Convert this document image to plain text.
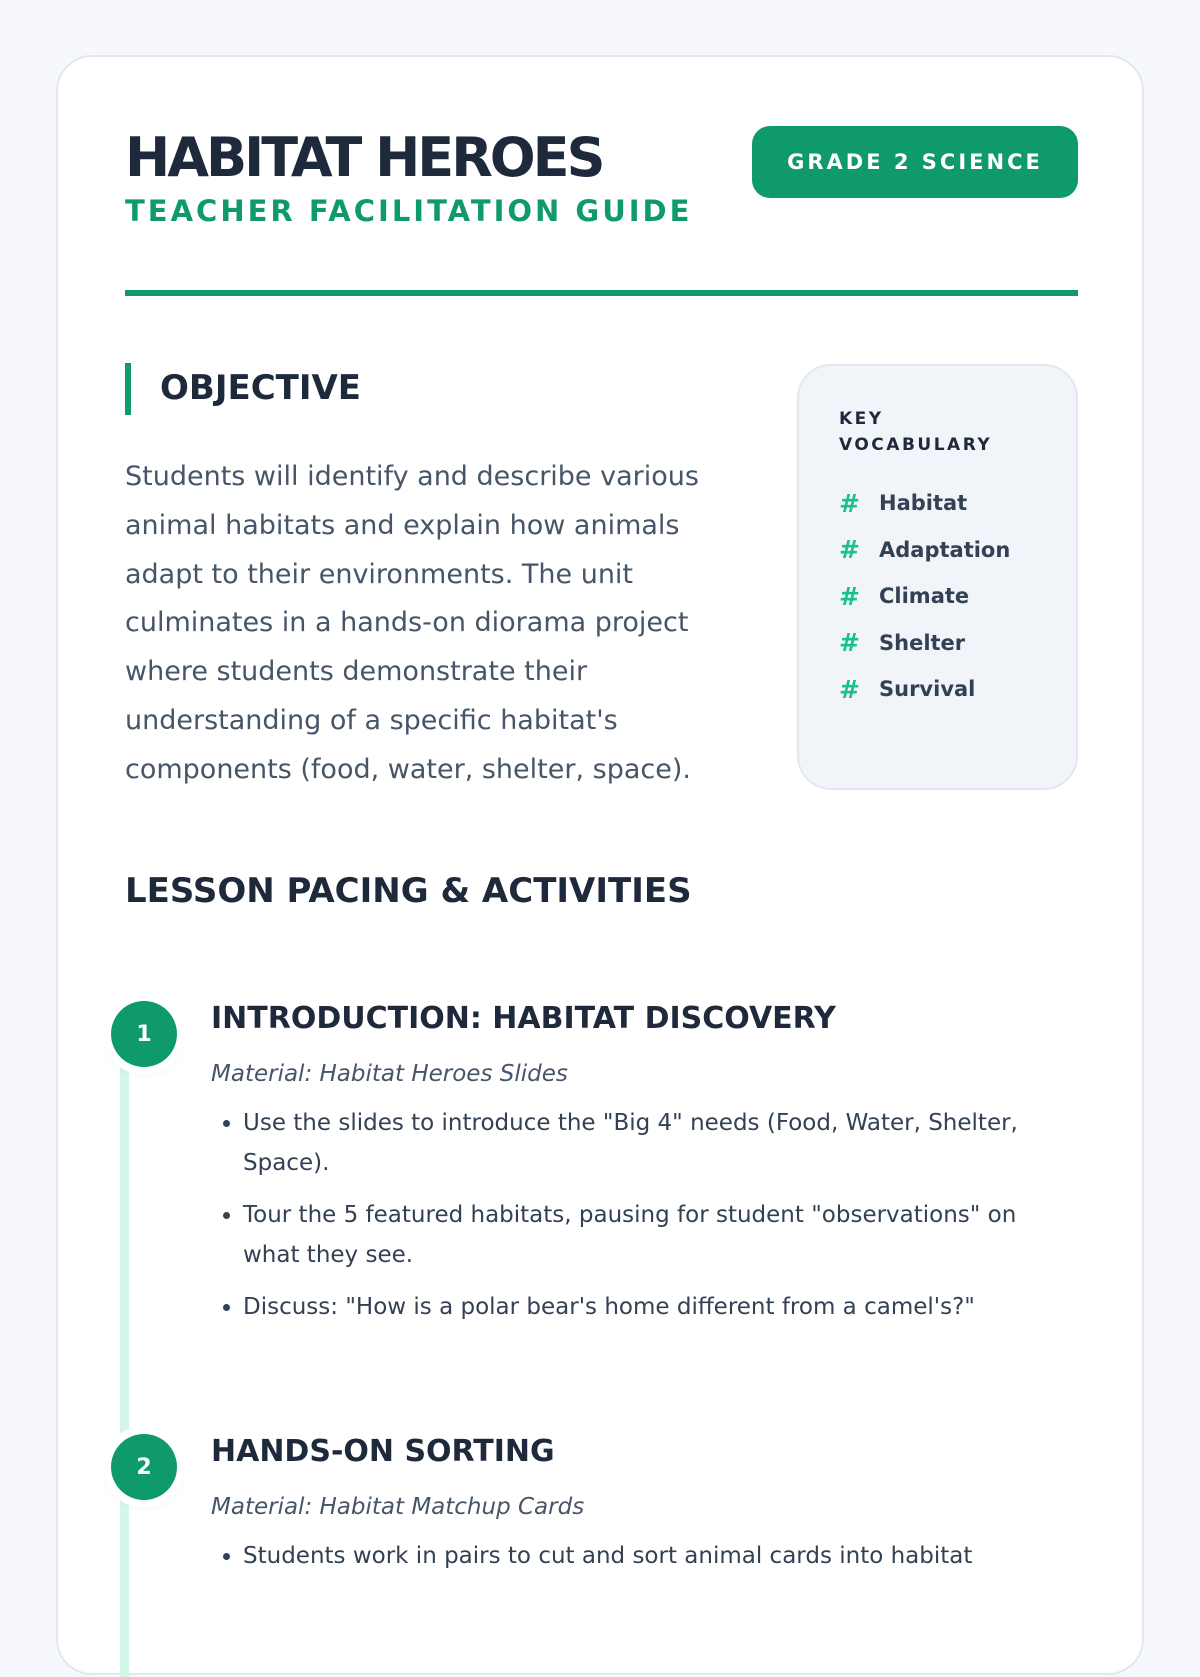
HABITAT HEROES
TEACHER FACILITATION GUIDE
GRADE 2 SCIENCE
OBJECTIVE

Students will identify and describe various animal habitats and explain how animals adapt to their environments. The unit culminates in a hands-on diorama project where students demonstrate their understanding of a specific habitat's components (food, water, shelter, space).

KEY VOCABULARY
# Habitat
# Adaptation
# Climate
# Shelter
# Survival
LESSON PACING & ACTIVITIES
1	INTRODUCTION: HABITAT DISCOVERY
Material: Habitat Heroes Slides
• Use the slides to introduce the "Big 4" needs (Food, Water, Shelter, Space).
• Tour the 5 featured habitats, pausing for student "observations" on what they see.
• Discuss: "How is a polar bear's home different from a camel's?"
2	HANDS-ON SORTING
Material: Habitat Matchup Cards
• Students work in pairs to cut and sort animal cards into habitat
